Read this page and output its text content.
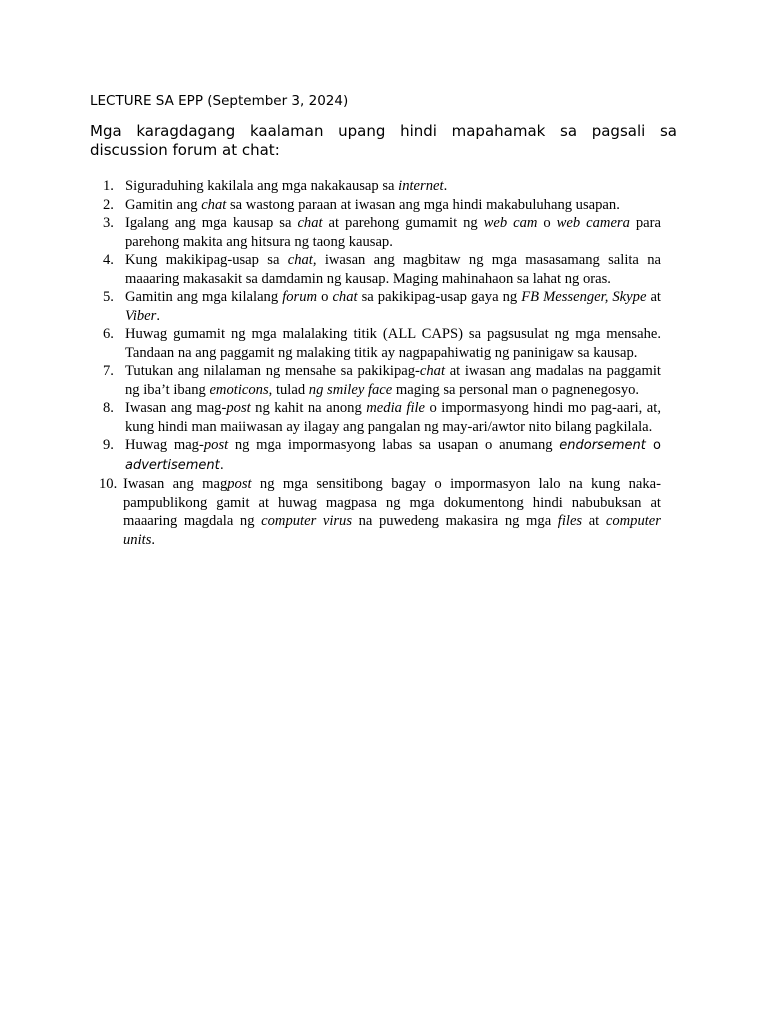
LECTURE SA EPP (September 3, 2024)
Mga karagdagang kaalaman upang hindi mapahamak sa pagsali sa discussion forum at chat:
1. Siguraduhing kakilala ang mga nakakausap sa internet.
2. Gamitin ang chat sa wastong paraan at iwasan ang mga hindi makabuluhang usapan.
3. Igalang ang mga kausap sa chat at parehong gumamit ng web cam o web camera para parehong makita ang hitsura ng taong kausap.
4. Kung makikipag-usap sa chat, iwasan ang magbitaw ng mga masasamang salita na maaaring makasakit sa damdamin ng kausap. Maging mahinahaon sa lahat ng oras.
5. Gamitin ang mga kilalang forum o chat sa pakikipag-usap gaya ng FB Messenger, Skype at Viber.
6. Huwag gumamit ng mga malalaking titik (ALL CAPS) sa pagsusulat ng mga mensahe. Tandaan na ang paggamit ng malaking titik ay nagpapahiwatig ng paninigaw sa kausap.
7. Tutukan ang nilalaman ng mensahe sa pakikipag-chat at iwasan ang madalas na paggamit ng iba’t ibang emoticons, tulad ng smiley face maging sa personal man o pagnenegosyo.
8. Iwasan ang mag-post ng kahit na anong media file o impormasyong hindi mo pag-aari, at, kung hindi man maiiwasan ay ilagay ang pangalan ng may-ari/awtor nito bilang pagkilala.
9. Huwag mag-post ng mga impormasyong labas sa usapan o anumang endorsement o advertisement.
10. Iwasan ang magpost ng mga sensitibong bagay o impormasyon lalo na kung naka-pampublikong gamit at huwag magpasa ng mga dokumentong hindi nabubuksan at maaaring magdala ng computer virus na puwedeng makasira ng mga files at computer units.
